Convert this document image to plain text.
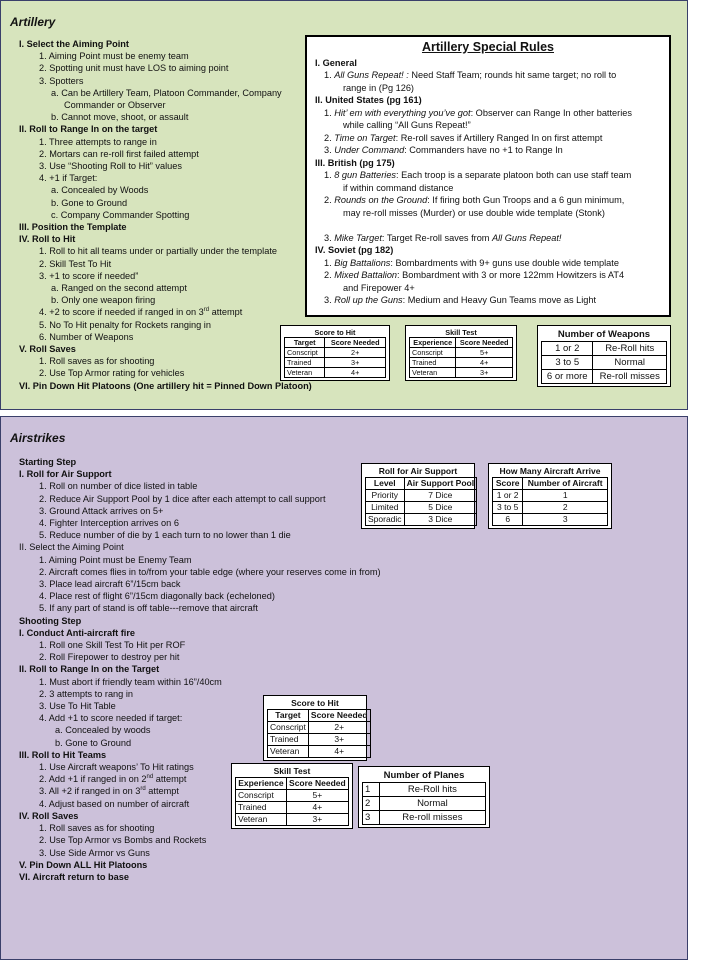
Artillery
I. Select the Aiming Point
1. Aiming Point must be enemy team
2. Spotting unit must have LOS to aiming point
3. Spotters
a. Can be Artillery Team, Platoon Commander, Company
Commander or Observer
b. Cannot move, shoot, or assault
II. Roll to Range In on the target
1. Three attempts to range in
2. Mortars can re-roll first failed attempt
3. Use “Shooting Roll to Hit” values
4. +1 if Target:
a. Concealed by Woods
b. Gone to Ground
c. Company Commander Spotting
III. Position the Template
IV. Roll to Hit
1. Roll to hit all teams under or partially under the template
2. Skill Test To Hit
3. +1 to score if needed”
a. Ranged on the second attempt
b. Only one weapon firing
4. +2 to score if needed if ranged in on 3rd attempt
5. No To Hit penalty for Rockets ranging in
6. Number of Weapons
V. Roll Saves
1. Roll saves as for shooting
2. Use Top Armor rating for vehicles
VI. Pin Down Hit Platoons (One artillery hit = Pinned Down Platoon)
Artillery Special Rules
I. General
1. All Guns Repeat! : Need Staff Team; rounds hit same target; no roll to
range in (Pg 126)
II. United States (pg 161)
1. Hit’ em with everything you’ve got: Observer can Range In other batteries
while calling “All Guns Repeat!”
2. Time on Target: Re-roll saves if Artillery Ranged In on first attempt
3. Under Command: Commanders have no +1 to Range In
III. British (pg 175)
1. 8 gun Batteries: Each troop is a separate platoon both can use staff team
if within command distance
2. Rounds on the Ground: If firing both Gun Troops and a 6 gun minimum,
may re-roll misses (Murder) or use double wide template (Stonk)

3. Mike Target: Target Re-roll saves from All Guns Repeat!
IV. Soviet (pg 182)
1. Big Battalions: Bombardments with 9+ guns use double wide template
2. Mixed Battalion: Bombardment with 3 or more 122mm Howitzers is AT4
and Firepower 4+
3. Roll up the Guns: Medium and Heavy Gun Teams move as Light
Score to Hit
Target	Score Needed
Conscript	2+
Trained	3+
Veteran	4+
Skill Test
Experience	Score Needed
Conscript	5+
Trained	4+
Veteran	3+
Number of Weapons
1 or 2	Re-Roll hits
3 to 5	Normal
6 or more	Re-roll misses
Airstrikes
Starting Step
I. Roll for Air Support
1. Roll on number of dice listed in table
2. Reduce Air Support Pool by 1 dice after each attempt to call support
3. Ground Attack arrives on 5+
4. Fighter Interception arrives on 6
5. Reduce number of die by 1 each turn to no lower than 1 die
II. Select the Aiming Point
1. Aiming Point must be Enemy Team
2. Aircraft comes flies in to/from your table edge (where your reserves come in from)
3. Place lead aircraft 6”/15cm back
4. Place rest of flight 6”/15cm diagonally back (echeloned)
5. If any part of stand is off table---remove that aircraft
Shooting Step
I. Conduct Anti-aircraft fire
1. Roll one Skill Test To Hit per ROF
2. Roll Firepower to destroy per hit
II. Roll to Range In on the Target
1. Must abort if friendly team within 16”/40cm
2. 3 attempts to rang in
3. Use To Hit Table
4. Add +1 to score needed if target:
a. Concealed by woods
b. Gone to Ground
III. Roll to Hit Teams
1. Use Aircraft weapons’ To Hit ratings
2. Add +1 if ranged in on 2nd attempt
3. All +2 if ranged in on 3rd attempt
4. Adjust based on number of aircraft
IV. Roll Saves
1. Roll saves as for shooting
2. Use Top Armor vs Bombs and Rockets
3. Use Side Armor vs Guns
V. Pin Down ALL Hit Platoons
VI. Aircraft return to base
Roll for Air Support
Level	Air Support Pool
Priority	7 Dice
Limited	5 Dice
Sporadic	3 Dice
How Many Aircraft Arrive
Score	Number of Aircraft
1 or 2	1
3 to 5	2
6	3
Score to Hit
Target	Score Needed
Conscript	2+
Trained	3+
Veteran	4+
Skill Test
Experience	Score Needed
Conscript	5+
Trained	4+
Veteran	3+
Number of Planes
1	Re-Roll hits
2	Normal
3	Re-roll misses
